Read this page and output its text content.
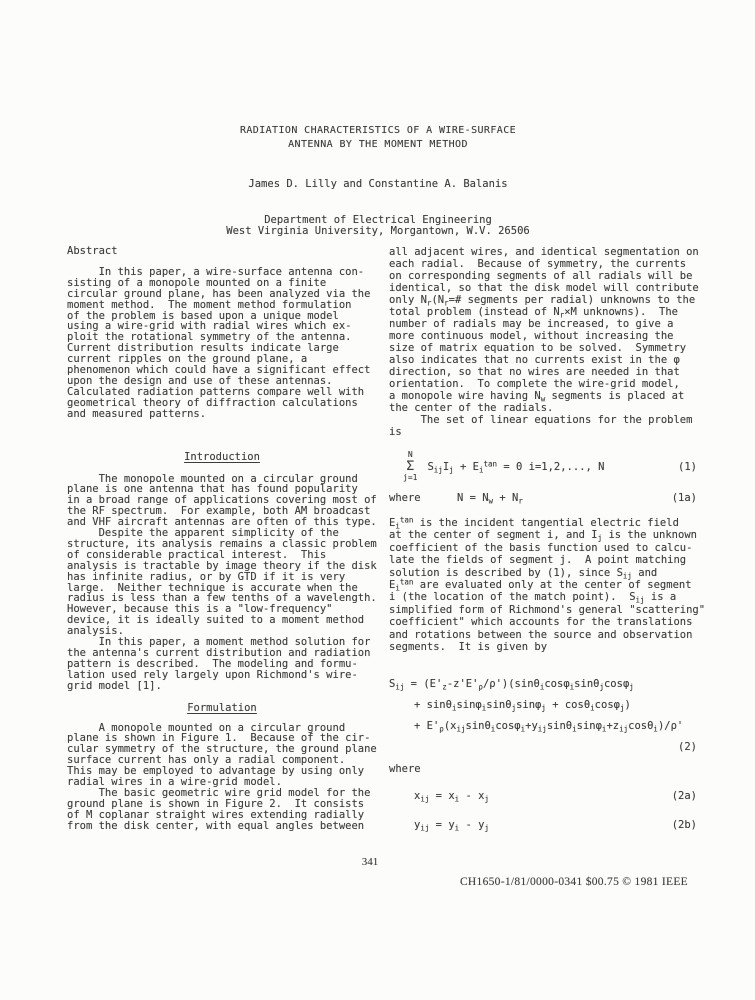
RADIATION CHARACTERISTICS OF A WIRE-SURFACE
ANTENNA BY THE MOMENT METHOD
James D. Lilly and Constantine A. Balanis
Department of Electrical Engineering
West Virginia University, Morgantown, W.V. 26506
Abstract
In this paper, a wire-surface antenna con-
sisting of a monopole mounted on a finite
circular ground plane, has been analyzed via the
moment method.  The moment method formulation
of the problem is based upon a unique model
using a wire-grid with radial wires which ex-
ploit the rotational symmetry of the antenna.
Current distribution results indicate large
current ripples on the ground plane, a
phenomenon which could have a significant effect
upon the design and use of these antennas.
Calculated radiation patterns compare well with
geometrical theory of diffraction calculations
and measured patterns.
Introduction
The monopole mounted on a circular ground
plane is one antenna that has found popularity
in a broad range of applications covering most of
the RF spectrum.  For example, both AM broadcast
and VHF aircraft antennas are often of this type.
Despite the apparent simplicity of the
structure, its analysis remains a classic problem
of considerable practical interest.  This
analysis is tractable by image theory if the disk
has infinite radius, or by GTD if it is very
large.  Neither technique is accurate when the
radius is less than a few tenths of a wavelength.
However, because this is a "low-frequency"
device, it is ideally suited to a moment method
analysis.
In this paper, a moment method solution for
the antenna's current distribution and radiation
pattern is described.  The modeling and formu-
lation used rely largely upon Richmond's wire-
grid model [1].
Formulation
A monopole mounted on a circular ground
plane is shown in Figure 1.  Because of the cir-
cular symmetry of the structure, the ground plane
surface current has only a radial component.
This may be employed to advantage by using only
radial wires in a wire-grid model.
The basic geometric wire grid model for the
ground plane is shown in Figure 2.  It consists
of M coplanar straight wires extending radially
from the disk center, with equal angles between
all adjacent wires, and identical segmentation on
each radial.  Because of symmetry, the currents
on corresponding segments of all radials will be
identical, so that the disk model will contribute
only $N_r(N_r=\#$ segments per radial) unknowns to the
total problem (instead of $N_r\times M$ unknowns).  The
number of radials may be increased, to give a
more continuous model, without increasing the
size of matrix equation to be solved.  Symmetry
also indicates that no currents exist in the φ
direction, so that no wires are needed in that
orientation.  To complete the wire-grid model,
a monopole wire having $N_w$ segments is placed at
the center of the radials.
The set of linear equations for the problem
is
N
Σ
j=1
$S_{ij}I_j + E_i^{tan} = 0$ i=1,2,..., N	(1)
where	$N = N_w + N_r$	(1a)
$E_i^{tan}$ is the incident tangential electric field
at the center of segment i, and $I_j$ is the unknown
coefficient of the basis function used to calcu-
late the fields of segment j.  A point matching
solution is described by (1), since $S_{ij}$ and
$E_i^{tan}$ are evaluated only at the center of segment
i (the location of the match point).  $S_{ij}$ is a
simplified form of Richmond's general "scattering"
coefficient" which accounts for the translations
and rotations between the source and observation
segments.  It is given by
$S_{ij} = (E'_z-z'E'_\rho/\rho')(\sin\theta_i\cos\varphi_i\sin\theta_j\cos\varphi_j$
+ sinθ$_i$sinφ$_i$sinθ$_j$sinφ$_j$ + cosθ$_i$cosφ$_j$)
+ $E'_\rho(x_{ij}\sin\theta_i\cos\varphi_i+y_{ij}\sin\theta_i\sin\varphi_i+z_{ij}\cos\theta_i)/\rho'$
(2)
where
$x_{ij} = x_i - x_j$	(2a)
$y_{ij} = y_i - y_j$	(2b)
341
CH1650-1/81/0000-0341 $00.75 © 1981 IEEE
